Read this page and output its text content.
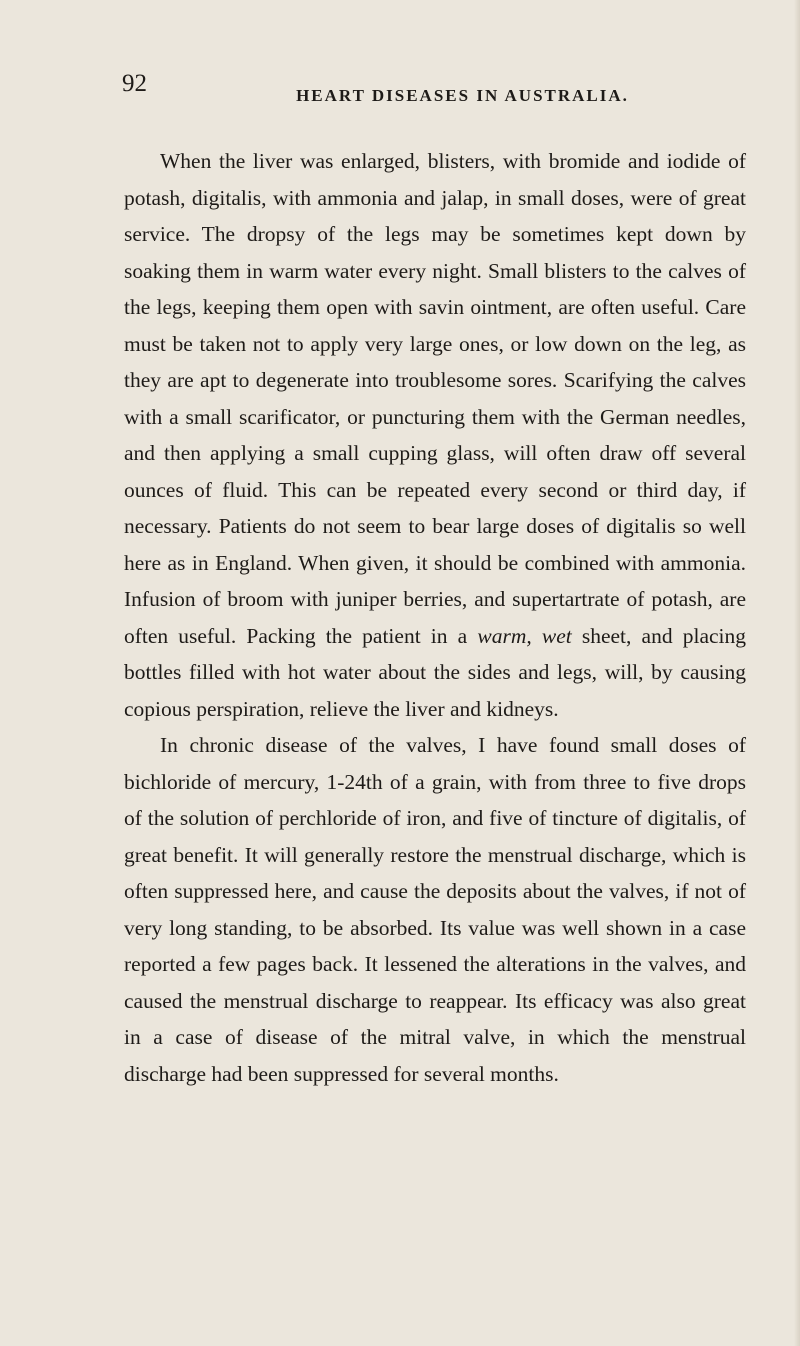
92	HEART DISEASES IN AUSTRALIA.

When the liver was enlarged, blisters, with bromide and iodide of potash, digitalis, with ammonia and jalap, in small doses, were of great service. The dropsy of the legs may be sometimes kept down by soaking them in warm water every night. Small blisters to the calves of the legs, keeping them open with savin ointment, are often useful. Care must be taken not to apply very large ones, or low down on the leg, as they are apt to degenerate into troublesome sores. Scarifying the calves with a small scarificator, or puncturing them with the German needles, and then applying a small cupping glass, will often draw off several ounces of fluid. This can be repeated every second or third day, if necessary. Patients do not seem to bear large doses of digitalis so well here as in England. When given, it should be combined with ammonia. Infusion of broom with juniper berries, and supertartrate of potash, are often useful. Packing the patient in a warm, wet sheet, and placing bottles filled with hot water about the sides and legs, will, by causing copious perspiration, relieve the liver and kidneys.

In chronic disease of the valves, I have found small doses of bichloride of mercury, 1-24th of a grain, with from three to five drops of the solution of perchloride of iron, and five of tincture of digitalis, of great benefit. It will generally restore the menstrual discharge, which is often suppressed here, and cause the deposits about the valves, if not of very long standing, to be absorbed. Its value was well shown in a case reported a few pages back. It lessened the alterations in the valves, and caused the menstrual discharge to reappear. Its efficacy was also great in a case of disease of the mitral valve, in which the menstrual discharge had been suppressed for several months.
